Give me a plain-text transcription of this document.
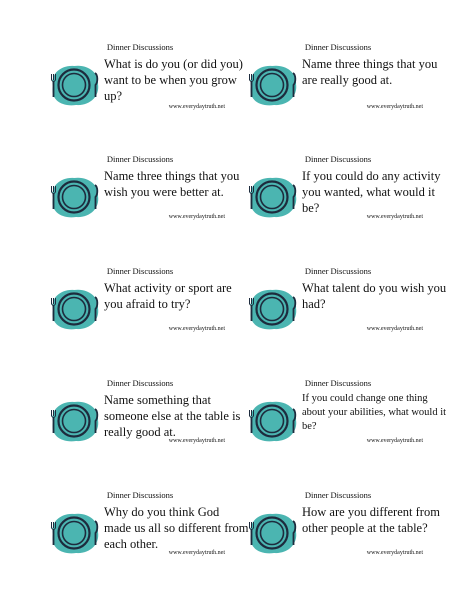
Dinner Discussions
What is do you (or did you) want to be when you grow up?
www.everydaytruth.net
Dinner Discussions
Name three things that you are really good at.
www.everydaytruth.net
Dinner Discussions
Name three things that you wish you were better at.
www.everydaytruth.net
Dinner Discussions
If you could do any activity you wanted, what would it be?
www.everydaytruth.net
Dinner Discussions
What activity or sport are you afraid to try?
www.everydaytruth.net
Dinner Discussions
What talent do you wish you had?
www.everydaytruth.net
Dinner Discussions
Name something that someone else at the table is really good at.
www.everydaytruth.net
Dinner Discussions
If you could change one thing about your abilities, what would it be?
www.everydaytruth.net
Dinner Discussions
Why do you think God made us all so different from each other.
www.everydaytruth.net
Dinner Discussions
How are you different from other people at the table?
www.everydaytruth.net
